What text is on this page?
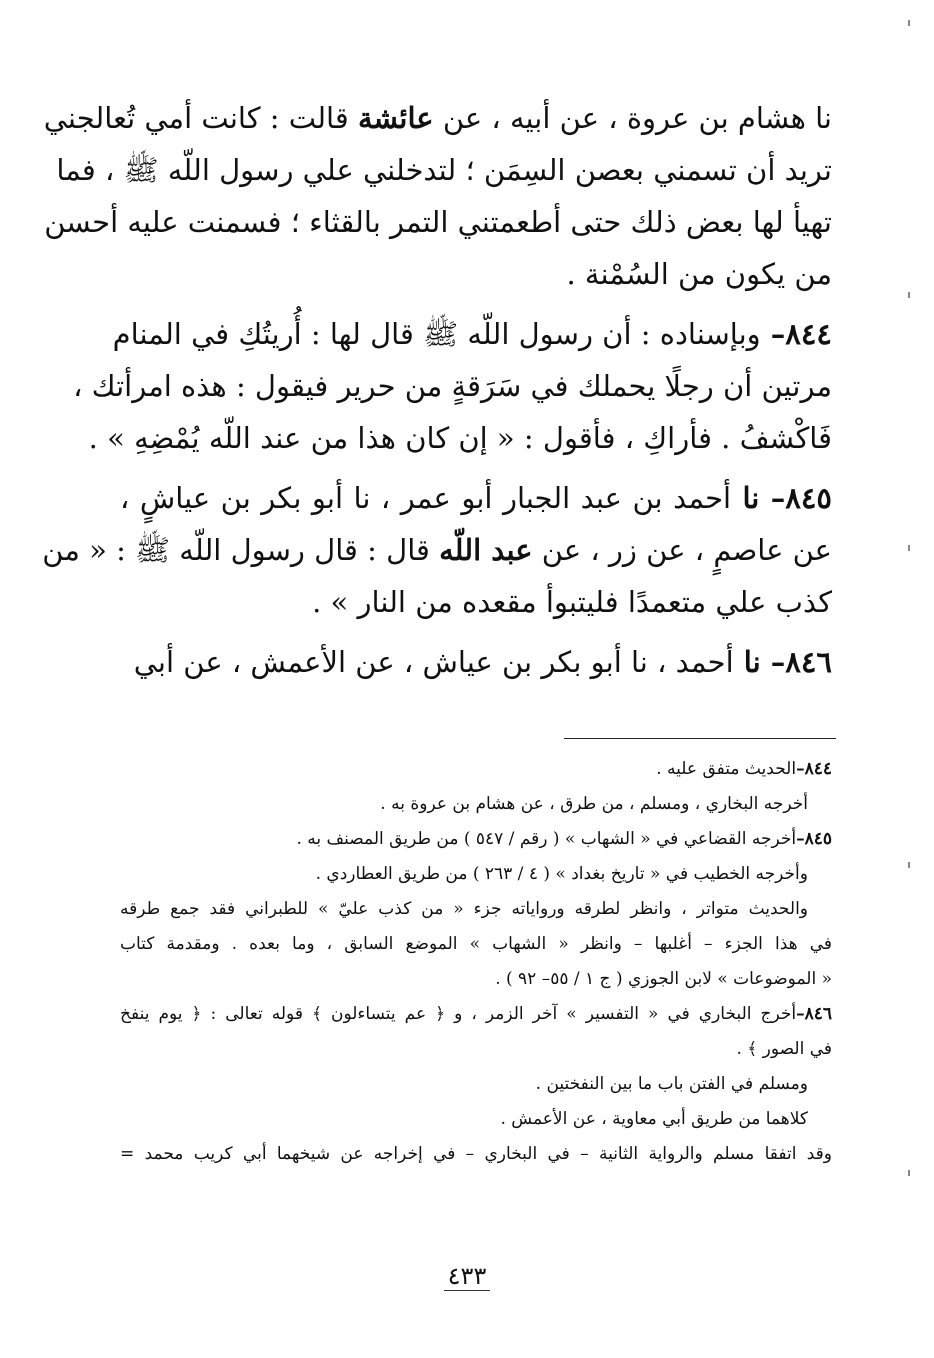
نا هشام بن عروة ، عن أبيه ، عن عائشة قالت : كانت أمي تُعالجني
تريد أن تسمني بعصن السِمَن ؛ لتدخلني علي رسول اللّه ﷺ ، فما
تهيأ لها بعض ذلك حتى أطعمتني التمر بالقثاء ؛ فسمنت عليه أحسن
من يكون من السُمْنة .
٨٤٤– وبإسناده : أن رسول اللّه ﷺ قال لها : أُريتُكِ في المنام
مرتين أن رجلًا يحملك في سَرَقةٍ من حرير فيقول : هذه امرأتك ،
فَاكْشفُ . فأراكِ ، فأقول : « إن كان هذا من عند اللّه يُمْضِهِ » .
٨٤٥– نا أحمد بن عبد الجبار أبو عمر ، نا أبو بكر بن عياشٍ ،
عن عاصمٍ ، عن زر ، عن عبد اللّه قال : قال رسول اللّه ﷺ : « من
كذب علي متعمدًا فليتبوأ مقعده من النار » .
٨٤٦– نا أحمد ، نا أبو بكر بن عياش ، عن الأعمش ، عن أبي
٨٤٤–الحديث متفق عليه .
أخرجه البخاري ، ومسلم ، من طرق ، عن هشام بن عروة به .
٨٤٥–أخرجه القضاعي في « الشهاب » ( رقم / ٥٤٧ ) من طريق المصنف به .
وأخرجه الخطيب في « تاريخ بغداد » ( ٤ / ٢٦٣ ) من طريق العطاردي .
والحديث متواتر ، وانظر لطرقه ورواياته جزء « من كذب عليّ » للطبراني فقد جمع طرقه
في هذا الجزء – أغلبها – وانظر « الشهاب » الموضع السابق ، وما بعده . ومقدمة كتاب
« الموضوعات » لابن الجوزي ( ج ١ / ٥٥– ٩٢ ) .
٨٤٦–أخرج البخاري في « التفسير » آخر الزمر ، و ﴿ عم يتساءلون ﴾ قوله تعالى : ﴿ يوم ينفخ
في الصور ﴾ .
ومسلم في الفتن باب ما بين النفختين .
كلاهما من طريق أبي معاوية ، عن الأعمش .
وقد اتفقا مسلم والرواية الثانية – في البخاري – في إخراجه عن شيخهما أبي كريب محمد =
٤٣٣
